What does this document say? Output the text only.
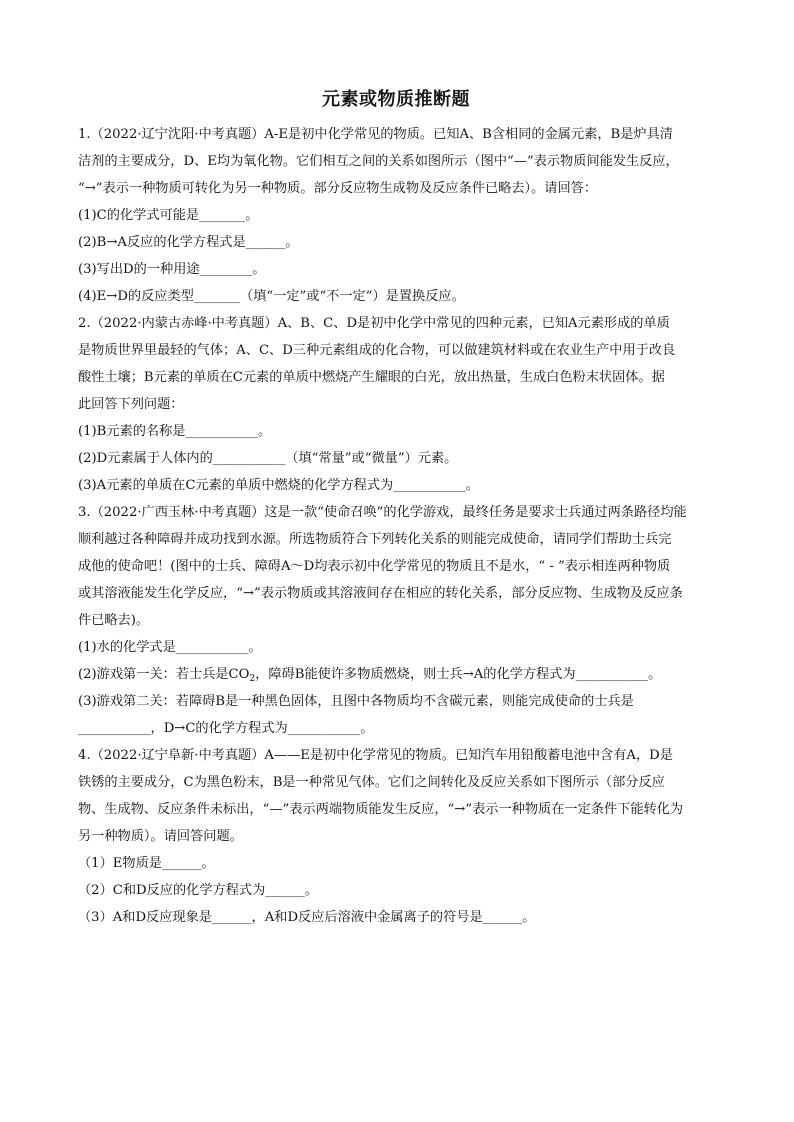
元素或物质推断题
1.（2022·辽宁沈阳·中考真题）A-E是初中化学常见的物质。已知A、B含相同的金属元素，B是炉具清
洁剂的主要成分，D、E均为氧化物。它们相互之间的关系如图所示（图中“—”表示物质间能发生反应，
“→”表示一种物质可转化为另一种物质。部分反应物生成物及反应条件已略去）。请回答：
(1)C的化学式可能是_______。
(2)B→A反应的化学方程式是______。
(3)写出D的一种用途________。
(4)E→D的反应类型_______（填“一定”或“不一定”）是置换反应。
2.（2022·内蒙古赤峰·中考真题）A、B、C、D是初中化学中常见的四种元素，已知A元素形成的单质
是物质世界里最轻的气体；A、C、D三种元素组成的化合物，可以做建筑材料或在农业生产中用于改良
酸性土壤；B元素的单质在C元素的单质中燃烧产生耀眼的白光，放出热量，生成白色粉末状固体。据
此回答下列问题：
(1)B元素的名称是___________。
(2)D元素属于人体内的___________（填“常量”或“微量”）元素。
(3)A元素的单质在C元素的单质中燃烧的化学方程式为___________。
3.（2022·广西玉林·中考真题）这是一款“使命召唤”的化学游戏，最终任务是要求士兵通过两条路径均能
顺利越过各种障碍并成功找到水源。所选物质符合下列转化关系的则能完成使命，请同学们帮助士兵完
成他的使命吧！(图中的士兵、障碍A～D均表示初中化学常见的物质且不是水，“ - ”表示相连两种物质
或其溶液能发生化学反应，“→”表示物质或其溶液间存在相应的转化关系，部分反应物、生成物及反应条
件已略去)。
(1)水的化学式是___________。
(2)游戏第一关：若士兵是$CO_2$，障碍B能使许多物质燃烧，则士兵→A的化学方程式为___________。
(3)游戏第二关：若障碍B是一种黑色固体，且图中各物质均不含碳元素，则能完成使命的士兵是
___________，D→C的化学方程式为___________。
4.（2022·辽宁阜新·中考真题）A——E是初中化学常见的物质。已知汽车用铅酸蓄电池中含有A，D是
铁锈的主要成分，C为黑色粉末，B是一种常见气体。它们之间转化及反应关系如下图所示（部分反应
物、生成物、反应条件未标出，“—”表示两端物质能发生反应，“→”表示一种物质在一定条件下能转化为
另一种物质）。请回答问题。
（1）E物质是______。
（2）C和D反应的化学方程式为______。
（3）A和D反应现象是______，A和D反应后溶液中金属离子的符号是______。
